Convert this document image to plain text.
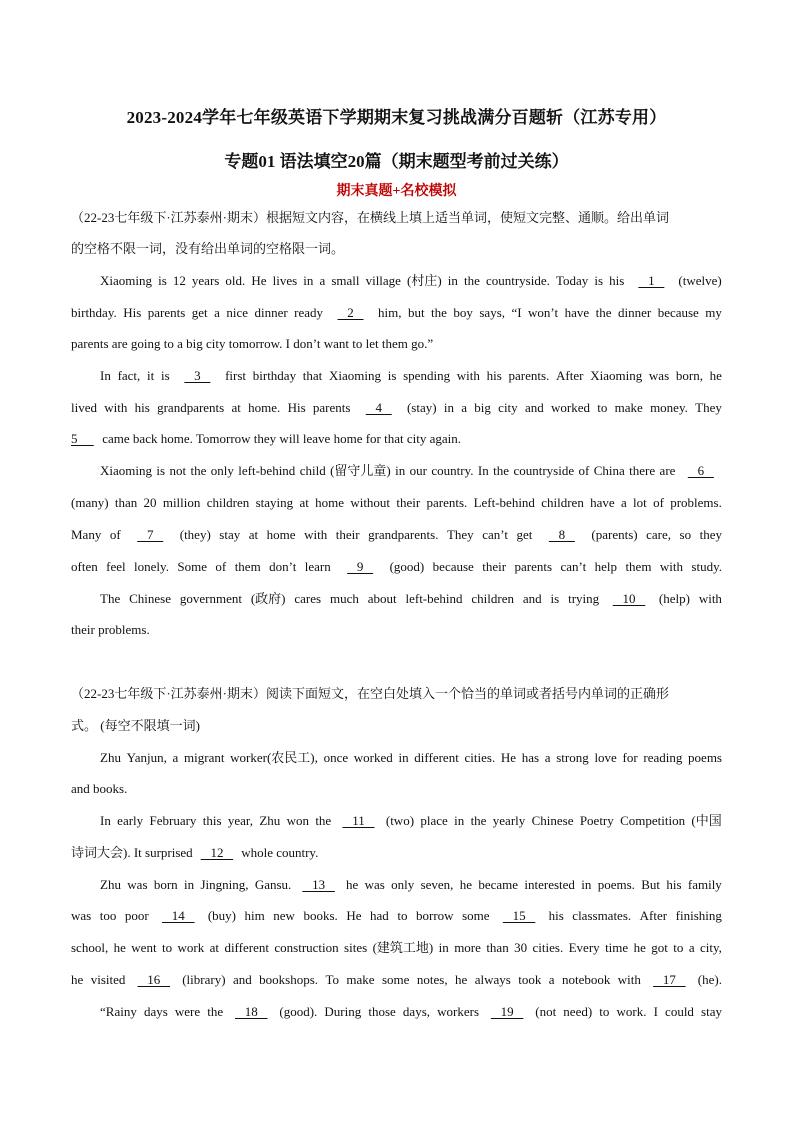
2023-2024学年七年级英语下学期期末复习挑战满分百题斩（江苏专用）
专题01 语法填空20篇（期末题型考前过关练）
期末真题+名校模拟
（22-23七年级下·江苏泰州·期末）根据短文内容，在横线上填上适当单词，使短文完整、通顺。给出单词
的空格不限一词，没有给出单词的空格限一词。
Xiaoming is 12 years old. He lives in a small village (村庄) in the countryside. Today is his	1	(twelve)
birthday. His parents get a nice dinner ready	2	him, but the boy says, “I won’t have the dinner because my
parents are going to a big city tomorrow. I don’t want to let them go.”
In fact, it is	3	first birthday that Xiaoming is spending with his parents. After Xiaoming was born, he
lived with his grandparents at home. His parents	4	(stay) in a big city and worked to make money. They
5      came back home. Tomorrow they will leave home for that city again.
Xiaoming is not the only left-behind child (留守儿童) in our country. In the countryside of China there are 6
(many) than 20 million children staying at home without their parents. Left-behind children have a lot of problems.
Many of	7	(they) stay at home with their grandparents. They can’t get	8	(parents) care, so they
often feel lonely. Some of them don’t learn	9	(good) because their parents can’t help them with study.
The Chinese government (政府) cares much about left-behind children and is trying	10	(help) with
their problems.
（22-23七年级下·江苏泰州·期末）阅读下面短文，在空白处填入一个恰当的单词或者括号内单词的正确形
式。 (每空不限填一词)
Zhu Yanjun, a migrant worker(农民工), once worked in different cities. He has a strong love for reading poems
and books.
In early February this year, Zhu won the 11 (two) place in the yearly Chinese Poetry Competition (中国
诗词大会). It surprised    12    whole country.
Zhu was born in Jingning, Gansu. 13 he was only seven, he became interested in poems. But his family
was too poor	14	(buy) him new books. He had to borrow some	15	his classmates. After finishing
school, he went to work at different construction sites (建筑工地) in more than 30 cities. Every time he got to a city,
he visited 16 (library) and bookshops. To make some notes, he always took a notebook with 17 (he).
“Rainy days were the 18 (good). During those days, workers 19 (not need) to work. I could stay
